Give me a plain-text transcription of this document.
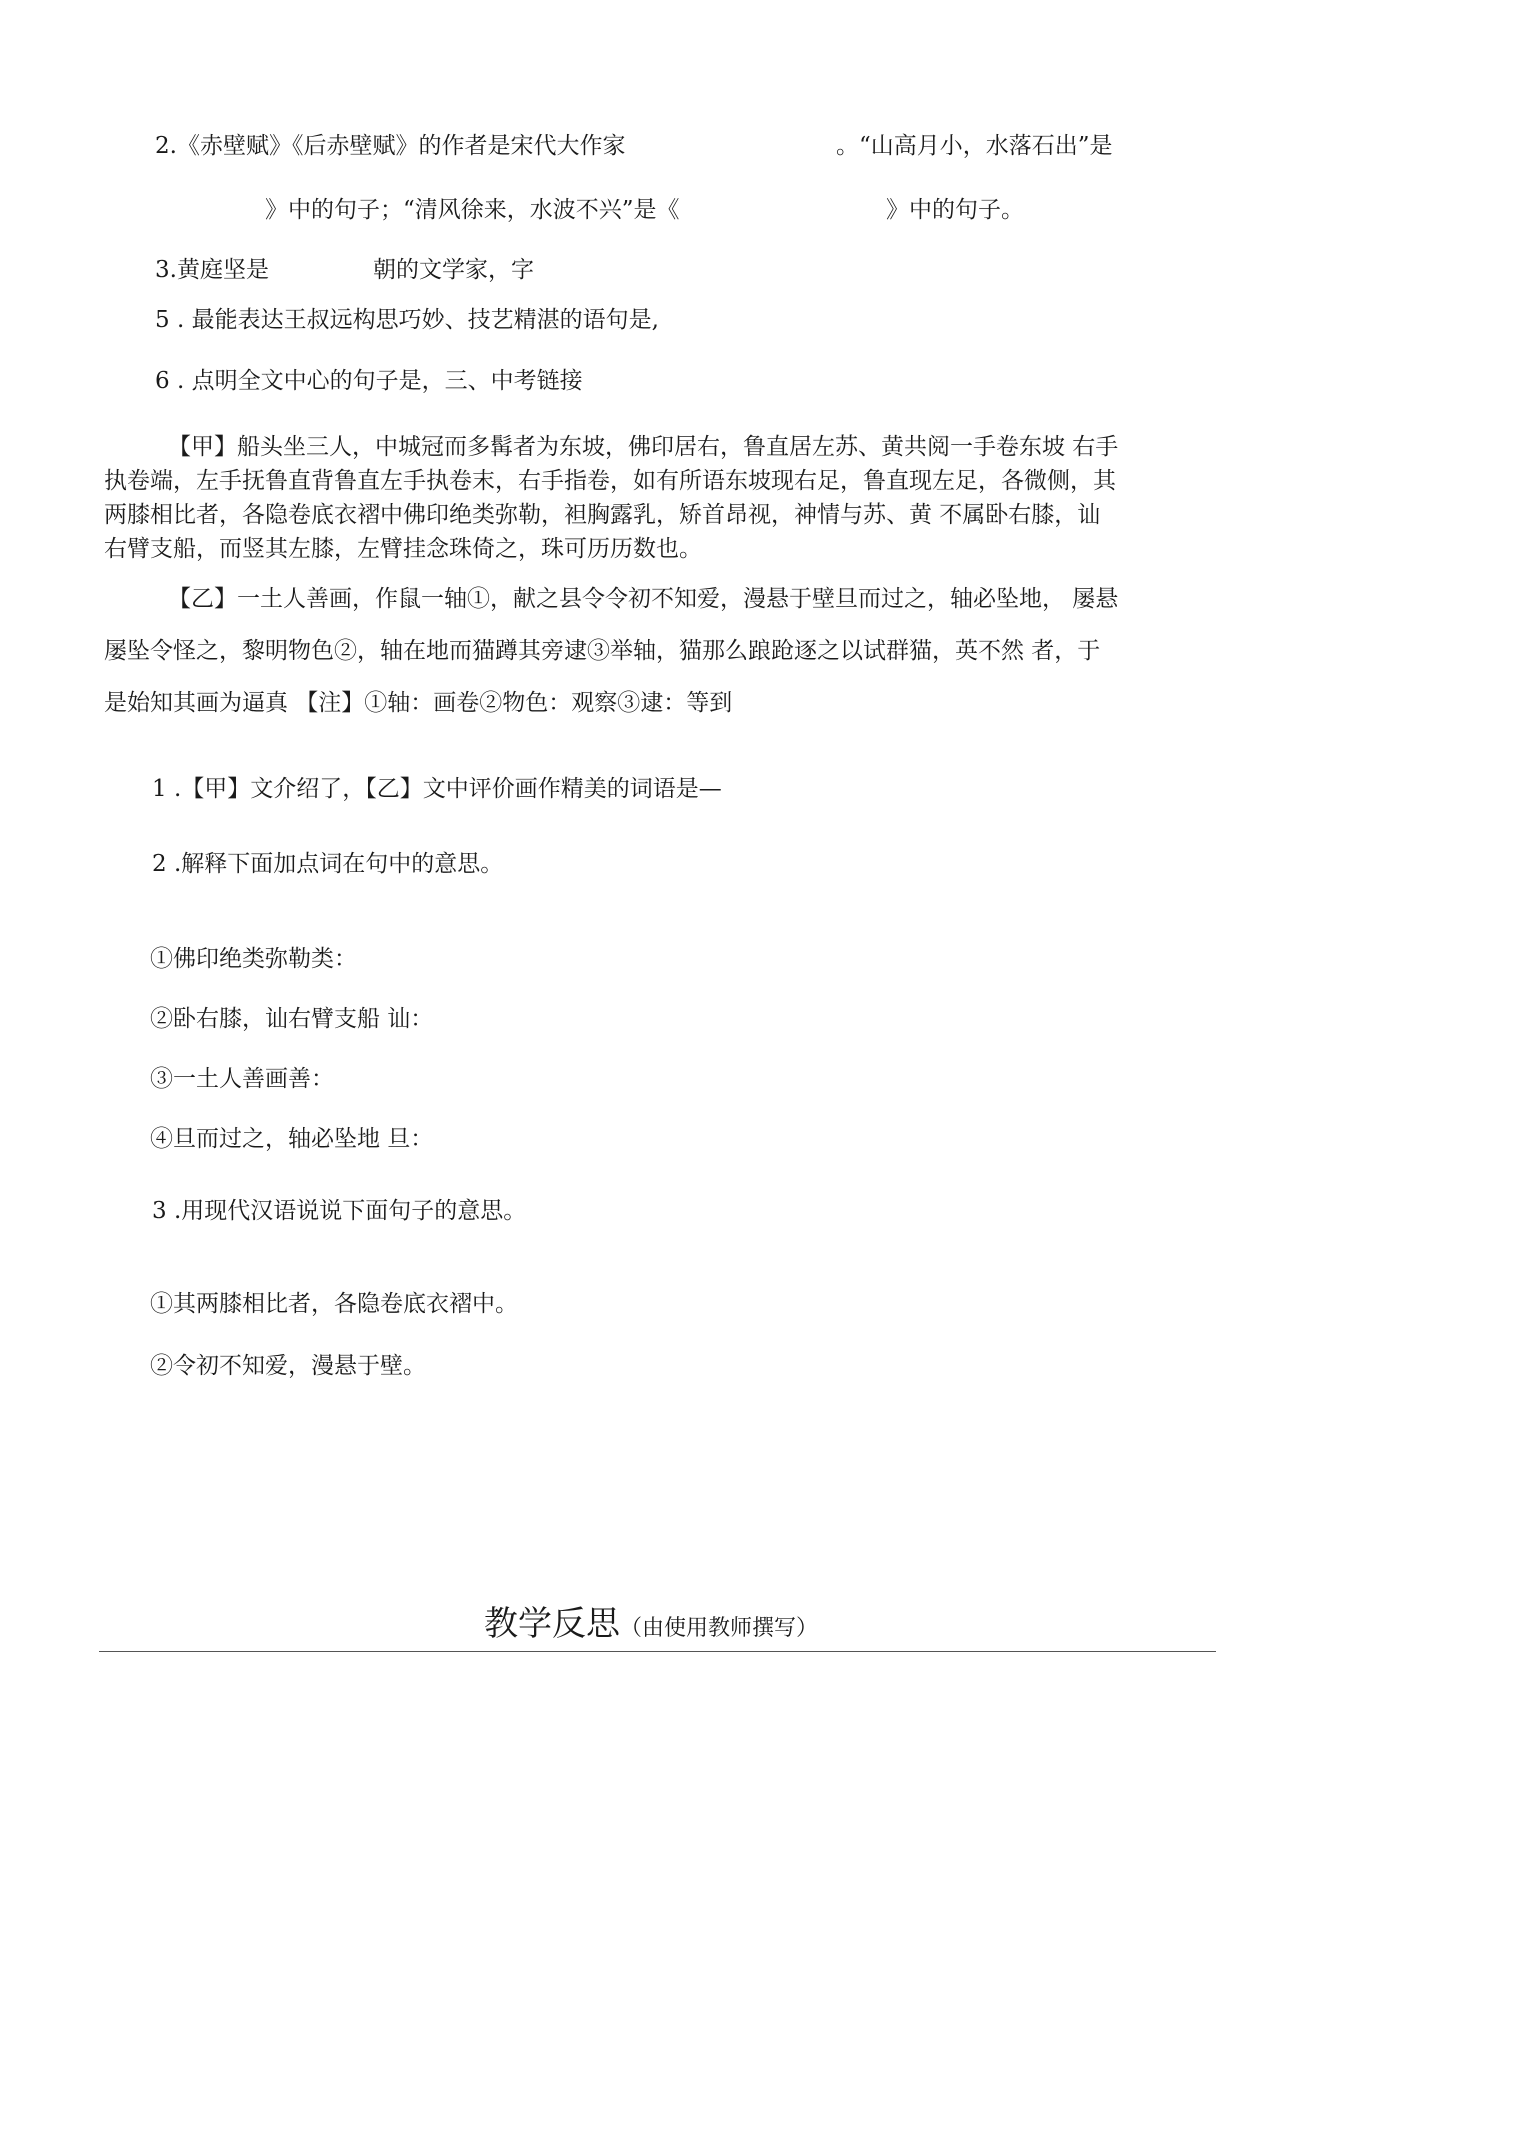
2.《赤壁赋》《后赤壁赋》的作者是宋代大作家	。“山高月小，水落石出”是
》中的句子；“清风徐来，水波不兴”是《	》中的句子。
3.黄庭坚是	朝的文学家，字
5 . 最能表达王叔远构思巧妙、技艺精湛的语句是,
6 . 点明全文中心的句子是，三、中考链接

【甲】船头坐三人，中城冠而多髯者为东坡，佛印居右，鲁直居左苏、黄共阅一手卷东坡 右手

执卷端，左手抚鲁直背鲁直左手执卷末，右手指卷，如有所语东坡现右足，鲁直现左足，各微侧，其

两膝相比者，各隐卷底衣褶中佛印绝类弥勒，袒胸露乳，矫首昂视，神情与苏、黄 不属卧右膝，讪

右臂支船，而竖其左膝，左臂挂念珠倚之，珠可历历数也。

【乙】一土人善画，作鼠一轴①，献之县令令初不知爱，漫悬于壁旦而过之，轴必坠地， 屡悬

屡坠令怪之，黎明物色②，轴在地而猫蹲其旁逮③举轴，猫那么踉跄逐之以试群猫，英不然 者，于

是始知其画为逼真 【注】①轴：画卷②物色：观察③逮：等到

1 .【甲】文介绍了，【乙】文中评价画作精美的词语是—
2 .解释下面加点词在句中的意思。
①佛印绝类弥勒类：
②卧右膝，讪右臂支船 讪：
③一土人善画善：
④旦而过之，轴必坠地 旦：
3 .用现代汉语说说下面句子的意思。
①其两膝相比者，各隐卷底衣褶中。
②令初不知爱，漫悬于壁。
教学反思（由使用教师撰写）
